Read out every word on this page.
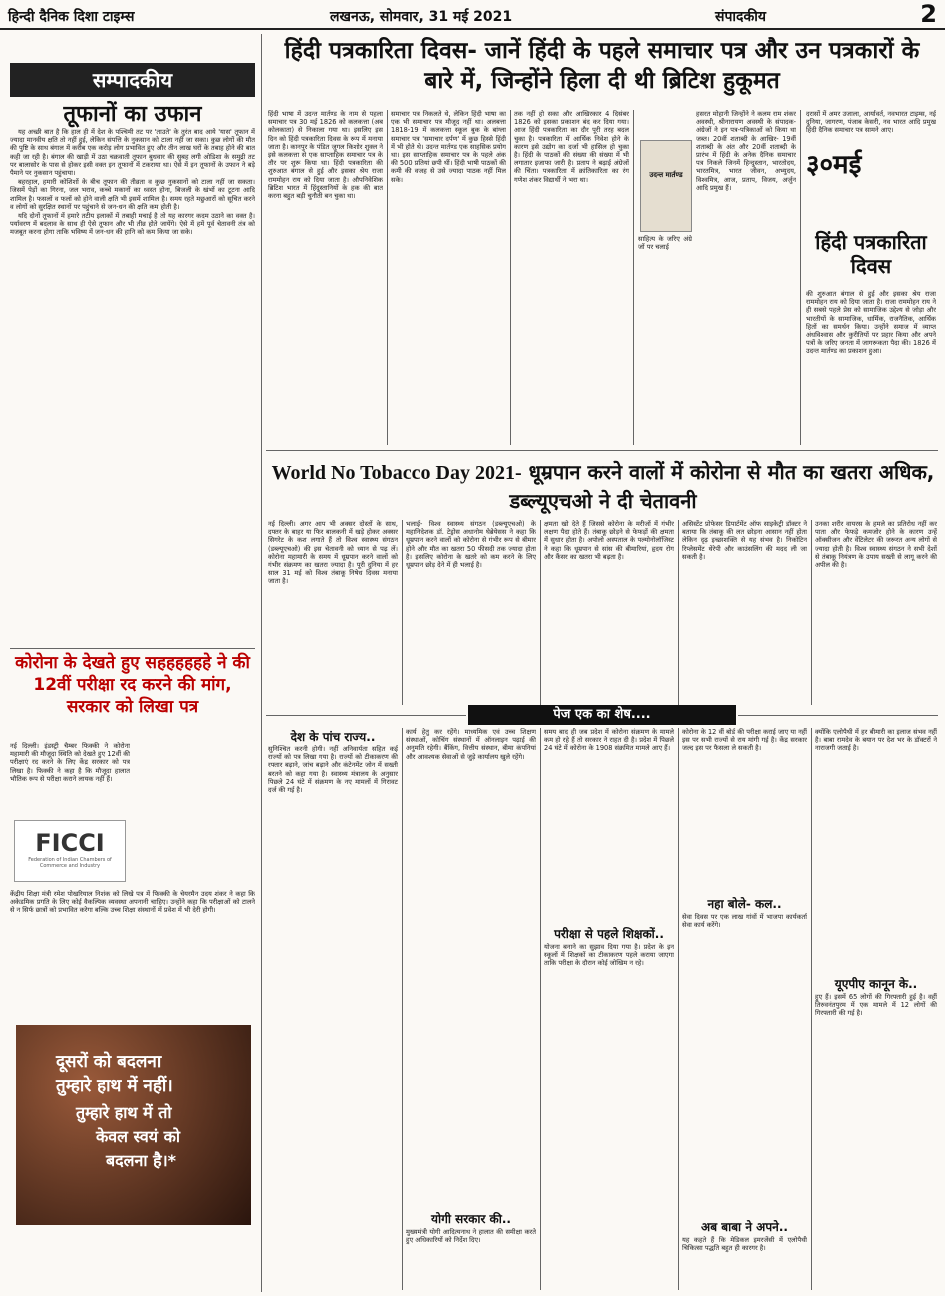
हिन्दी दैनिक दिशा टाइम्स	लखनऊ, सोमवार, 31 मई 2021	संपादकीय	2
सम्पादकीय
तूफानों का उफान

यह अच्छी बात है कि हाल ही में देश के पश्चिमी तट पर 'ताउते' के तुरंत बाद आये 'यास' तूफान में ज्यादा मानवीय क्षति तो नहीं हुई, लेकिन संपत्ति के नुकसान को टाला नहीं जा सका। कुछ लोगों की मौत की पुष्टि के साथ बंगाल में करीब एक करोड़ लोग प्रभावित हुए और तीन लाख घरों के तबाह होने की बात कही जा रही है। बंगाल की खाड़ी में उठा चक्रवाती तूफान बुधवार की सुबह लगी ओडिशा के समुद्री तट पर बालासोर के पास से होकर इसी वक्त इन तूफानों में टकराया था। ऐसे में इन तूफानों के उफान ने बड़े पैमाने पर नुकसान पहुंचाया।

बहरहाल, हमारी कोशिशों के बीच तूफान की तीव्रता व कुछ नुकसानों को टाला नहीं जा सकता। जिसमें पेड़ों का गिरना, जल भराव, कच्चे मकानों का ध्वस्त होना, बिजली के खंभों का टूटना आदि शामिल है। फसलों व फलों को होने वाली क्षति भी इसमें शामिल है। समय रहते मछुआरों को सूचित करने व लोगों को सुरक्षित स्थानों पर पहुंचाने से जन-धन की क्षति कम होती है।

यदि दोनों तूफानों में हमारे तटीय इलाकों में तबाही मचाई है तो यह कारगर कदम उठाने का वक्त है। पर्यावरण में बदलाव के साथ ही ऐसे तूफान और भी तीव्र होते जायेंगे। ऐसे में हमें पूर्व चेतावनी तंत्र को मजबूत करना होगा ताकि भविष्य में जन-धन की हानि को कम किया जा सके।

कोरोना के देखते हुए सहहहहहहे ने की 12वीं परीक्षा रद करने की मांग, सरकार को लिखा पत्र
नई दिल्ली। इंडस्ट्री चैम्बर फिक्की ने कोरोना महामारी की मौजूदा स्थिति को देखते हुए 12वीं की परीक्षाएं रद करने के लिए केंद्र सरकार को पत्र लिखा है। फिक्की ने कहा है कि मौजूदा हालात भौतिक रूप से परीक्षा कराने लायक नहीं हैं।
FICCI
Federation of Indian Chambers of Commerce and Industry
केंद्रीय शिक्षा मंत्री रमेश पोखरियाल निशंक को लिखे पत्र में फिक्की के चेयरमैन उदय शंकर ने कहा कि अकेडमिक प्रगति के लिए कोई वैकल्पिक व्यवस्था अपनानी चाहिए। उन्होंने कहा कि परीक्षाओं को टालने से न सिर्फ छात्रों को प्रभावित करेगा बल्कि उच्च शिक्षा संस्थानों में प्रवेश में भी देरी होगी।
दूसरों को बदलना
तुम्हारे हाथ में नहीं।
तुम्हारे हाथ में तो
केवल स्वयं को
बदलना है।*
हिंदी पत्रकारिता दिवस- जानें हिंदी के पहले समाचार पत्र और उन पत्रकारों के बारे में, जिन्होंने हिला दी थी ब्रिटिश हुकूमत
हिंदी भाषा में उदन्त मार्तण्ड के नाम से पहला समाचार पत्र 30 मई 1826 को कलकत्ता (अब कोलकाता) से निकाला गया था। इसलिए इस दिन को हिंदी पत्रकारिता दिवस के रूप में मनाया जाता है। कानपुर के पंडित जुगल किशोर शुक्ल ने इसे कलकत्ता से एक साप्ताहिक समाचार पत्र के तौर पर शुरू किया था। हिंदी पत्रकारिता की शुरुआत बंगाल से हुई और इसका श्रेय राजा राममोहन राय को दिया जाता है। औपनिवेशिक ब्रिटिश भारत में हिंदुस्तानियों के हक की बात करना बहुत बड़ी चुनौती बन चुका था।
समाचार पत्र निकलते थे, लेकिन हिंदी भाषा का एक भी समाचार पत्र मौजूद नहीं था। अलबत्ता 1818-19 में कलकत्ता स्कूल बुक के बांग्ला समाचार पत्र 'समाचार दर्पण' में कुछ हिस्से हिंदी में भी होते थे। उदन्त मार्तण्ड एक साहसिक प्रयोग था। इस साप्ताहिक समाचार पत्र के पहले अंक की 500 प्रतियां छपी थीं। हिंदी भाषी पाठकों की कमी की वजह से उसे ज्यादा पाठक नहीं मिल सके।
तक नहीं हो सका और आखिरकार 4 दिसंबर 1826 को इसका प्रकाशन बंद कर दिया गया। आज हिंदी पत्रकारिता का दौर पूरी तरह बदल चुका है। पत्रकारिता में आर्थिक निवेश होने के कारण इसे उद्योग का दर्जा भी हासिल हो चुका है। हिंदी के पाठकों की संख्या की संख्या में भी लगातार इजाफा जारी है। प्रताप ने बढ़ाई अंग्रेजों की चिंता। पत्रकारिता में क्रांतिकारिता का रंग गणेश शंकर विद्यार्थी ने भरा था।
उदन्त मार्तण्ड
साहित्य के जरिए अंग्रे जों पर चलाई
हसरत मोहानी जिन्होंने ने कलम राम शंकर अवस्थी, श्रीनारायण अवस्थी के संपादक- अंग्रेजों ने इन पत्र-पत्रिकाओं को किया था जब्त। 20वीं शताब्दी के आखिर- 19वीं शताब्दी के अंत और 20वीं शताब्दी के प्रारंभ में हिंदी के अनेक दैनिक समाचार पत्र निकले जिनमें हिन्दुस्तान, भारतोदय, भारतमित्र, भारत जीवन, अभ्युदय, विश्वमित्र, आज, प्रताप, विजय, अर्जुन आदि प्रमुख हैं।
दरासों में अमर उजाला, आर्यावर्त, नवभारत टाइम्स, नई दुनिया, जागरण, पंजाब केसरी, नव भारत आदि प्रमुख हिंदी दैनिक समाचार पत्र सामने आए।
३०मई
हिंदी पत्रकारिता दिवस
की शुरुआत बंगाल से हुई और इसका श्रेय राजा राममोहन राय को दिया जाता है। राजा राममोहन राय ने ही सबसे पहले प्रेस को सामाजिक उद्देश्य से जोड़ा और भारतीयों के सामाजिक, धार्मिक, राजनैतिक, आर्थिक हितों का समर्थन किया। उन्होंने समाज में व्याप्त अंधविश्वास और कुरीतियों पर प्रहार किया और अपने पत्रों के जरिए जनता में जागरूकता पैदा की। 1826 में उदन्त मार्तण्ड का प्रकाशन हुआ।
World No Tobacco Day 2021- धूम्रपान करने वालों में कोरोना से मौत का खतरा अधिक, डब्ल्यूएचओ ने दी चेतावनी
नई दिल्ली। अगर आप भी अक्सर दोस्तों के साथ, दफ्तर के बाहर या फिर बालकनी में खड़े होकर अक्सर सिगरेट के कश लगाते हैं तो विश्व स्वास्थ्य संगठन (डब्ल्यूएचओ) की इस चेतावनी को ध्यान से पढ़ लें। कोरोना महामारी के समय में धूम्रपान करने वालों को गंभीर संक्रमण का खतरा ज्यादा है। पूरी दुनिया में हर साल 31 मई को विश्व तंबाकू निषेध दिवस मनाया जाता है।
भलाई- विश्व स्वास्थ्य संगठन (डब्ल्यूएचओ) के महानिदेशक डॉ. टेड्रोस अधानोम घेब्रेयेसस ने कहा कि धूम्रपान करने वालों को कोरोना से गंभीर रूप से बीमार होने और मौत का खतरा 50 फीसदी तक ज्यादा होता है। इसलिए कोरोना के खतरे को कम करने के लिए धूम्रपान छोड़ देने में ही भलाई है।
क्षमता खो देते हैं जिससे कोरोना के मरीजों में गंभीर लक्षण पैदा होते हैं। तंबाकू छोड़ने से फेफड़ों की क्षमता में सुधार होता है। अपोलो अस्पताल के पल्मोनोलॉजिस्ट ने कहा कि धूम्रपान से सांस की बीमारियां, हृदय रोग और कैंसर का खतरा भी बढ़ता है।
असिस्टेंट प्रोफेसर डिपार्टमेंट ऑफ साइकेट्री डॉक्टर ने बताया कि तंबाकू की लत छोड़ना आसान नहीं होता लेकिन दृढ़ इच्छाशक्ति से यह संभव है। निकोटिन रिप्लेसमेंट थेरेपी और काउंसलिंग की मदद ली जा सकती है।
उनका शरीर वायरस के हमले का प्रतिरोध नहीं कर पाता और फेफड़े कमजोर होने के कारण उन्हें ऑक्सीजन और वेंटिलेटर की जरूरत अन्य लोगों से ज्यादा होती है। विश्व स्वास्थ्य संगठन ने सभी देशों से तंबाकू नियंत्रण के उपाय सख्ती से लागू करने की अपील की है।
पेज एक का शेष....
देश के पांच राज्य..
सुनिश्चित करनी होगी। नहीं अनिवार्यता सहित कई राज्यों को पत्र लिखा गया है। राज्यों को टीकाकरण की रफ्तार बढ़ाने, जांच बढ़ाने और कंटेनमेंट जोन में सख्ती बरतने को कहा गया है। स्वास्थ्य मंत्रालय के अनुसार पिछले 24 घंटे में संक्रमण के नए मामलों में गिरावट दर्ज की गई है।
कार्य हेतु कर रहेंगे। माध्यमिक एवं उच्च शिक्षण संस्थाओं, कोचिंग संस्थानों में ऑनलाइन पढ़ाई की अनुमति रहेगी। बैंकिंग, वित्तीय संस्थान, बीमा कंपनियां और आवश्यक सेवाओं से जुड़े कार्यालय खुले रहेंगे।
योगी सरकार की..
मुख्यमंत्री योगी आदित्यनाथ ने हालात की समीक्षा करते हुए अधिकारियों को निर्देश दिए।
समय बाद ही जब प्रदेश में कोरोना संक्रमण के मामले कम हो रहे हैं तो सरकार ने राहत दी है। प्रदेश में पिछले 24 घंटे में कोरोना के 1908 संक्रमित मामले आए हैं।
परीक्षा से पहले शिक्षकों..
योजना बनाने का सुझाव दिया गया है। प्रदेश के इन स्कूलों में शिक्षकों का टीकाकरण पहले कराया जाएगा ताकि परीक्षा के दौरान कोई जोखिम न रहे।
कोरोना के 12 वीं बोर्ड की परीक्षा कराई जाए या नहीं इस पर सभी राज्यों से राय मांगी गई है। केंद्र सरकार जल्द इस पर फैसला ले सकती है।
नहा बोले- कल..
सेवा दिवस पर एक लाख गांवों में भाजपा कार्यकर्ता सेवा कार्य करेंगे।
अब बाबा ने अपने..
यह कहते हैं कि मेडिकल इमरजेंसी में एलोपैथी चिकित्सा पद्धति बहुत ही कारगर है।
क्योंकि एलोपैथी में हर बीमारी का इलाज संभव नहीं है। बाबा रामदेव के बयान पर देश भर के डॉक्टरों ने नाराजगी जताई है।
यूएपीए कानून के..
हुए हैं। इसमें 65 लोगों की गिरफ्तारी हुई है। वहीं तिरुवनंतपुरम में एक मामले में 12 लोगों की गिरफ्तारी की गई है।
